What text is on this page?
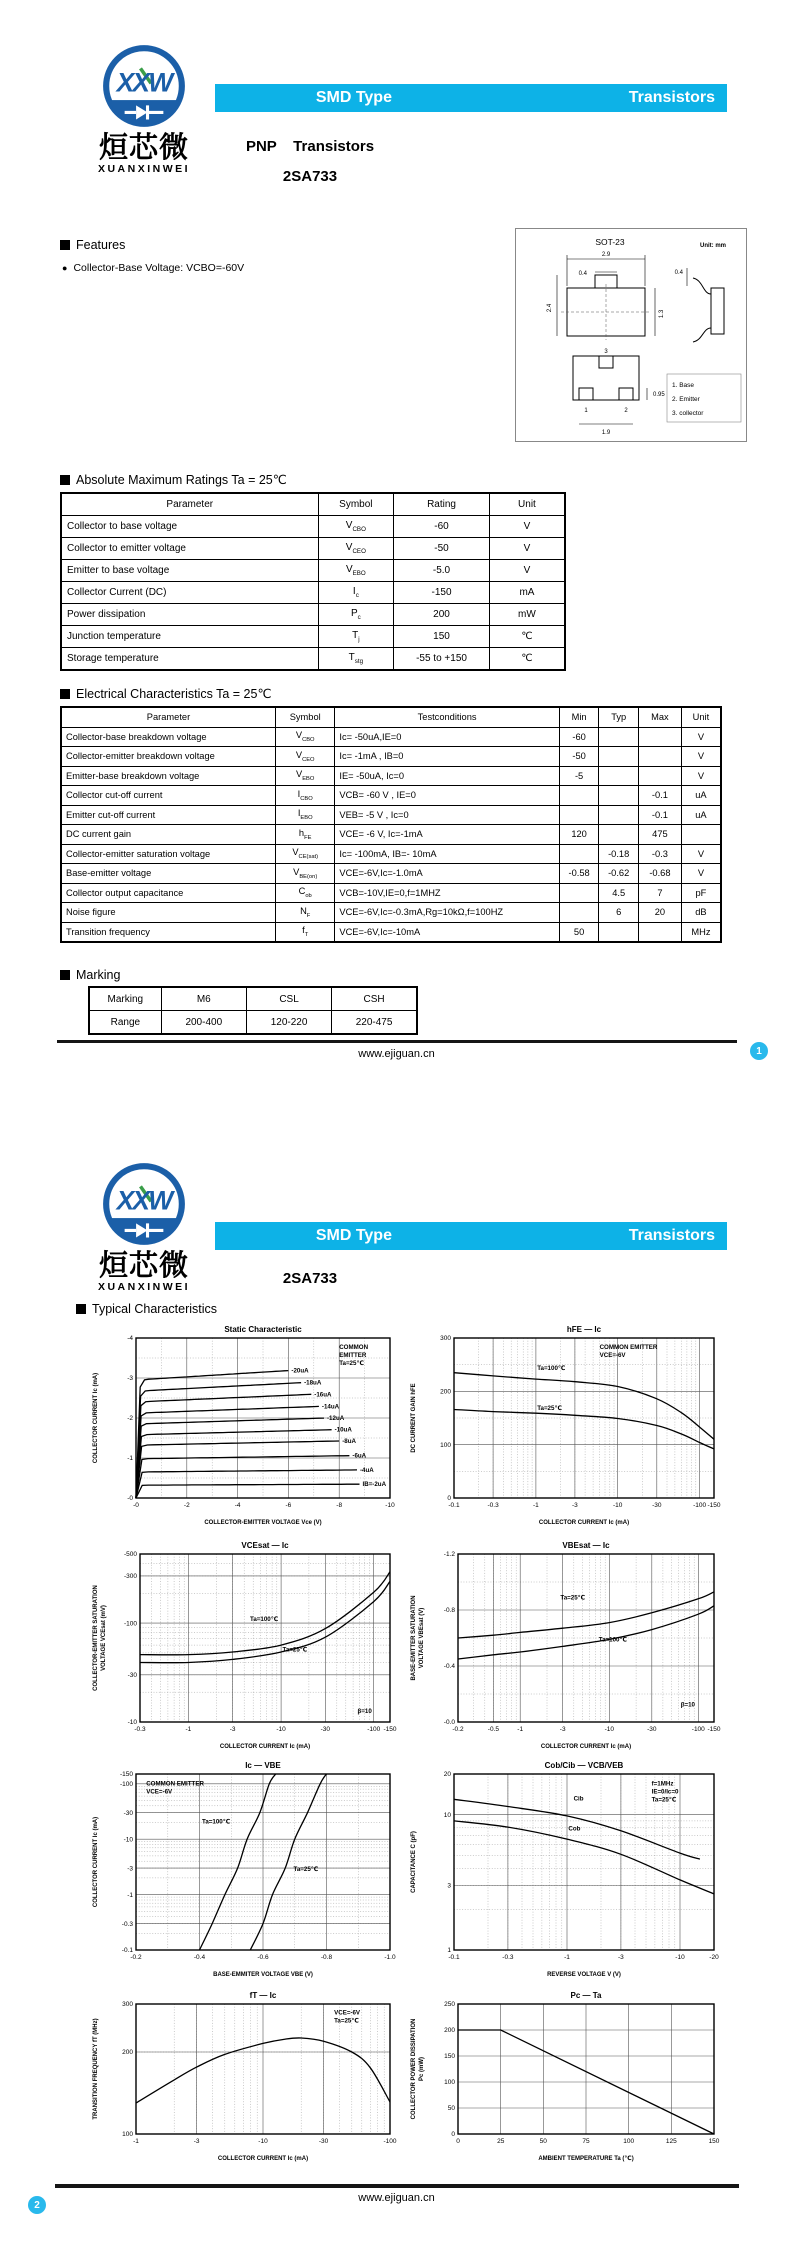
XXW
烜芯微
XUANXINWEI
SMD Type	Transistors
PNP    Transistors
2SA733
Features
● Collector-Base Voltage: VCBO=-60V
SOT-23	Unit: mm
2.9
0.4
1.3
2.4
0.4
1	2
3
1.9
0.95
1. Base
2. Emitter
3. collector
Absolute Maximum Ratings Ta = 25℃
Parameter	Symbol	Rating	Unit
Collector to base voltage	$V_{CBO}$	-60	V
Collector to emitter voltage	$V_{CEO}$	-50	V
Emitter to base voltage	$V_{EBO}$	-5.0	V
Collector Current (DC)	$I_c$	-150	mA
Power dissipation	$P_c$	200	mW
Junction temperature	$T_j$	150	℃
Storage temperature	$T_{stg}$	-55 to +150	℃
Electrical Characteristics Ta = 25℃
Parameter	Symbol	Testconditions	Min	Typ	Max	Unit
Collector-base breakdown voltage	$V_{CBO}$	Ic= -50uA,IE=0	-60			V
Collector-emitter breakdown voltage	$V_{CEO}$	Ic= -1mA , IB=0	-50			V
Emitter-base breakdown voltage	$V_{EBO}$	IE= -50uA, Ic=0	-5			V
Collector cut-off current	$I_{CBO}$	VCB= -60 V , IE=0			-0.1	uA
Emitter cut-off current	$I_{EBO}$	VEB= -5 V , Ic=0			-0.1	uA
DC current gain	$h_{FE}$	VCE= -6 V, Ic=-1mA	120		475	
Collector-emitter saturation voltage	$V_{CE(sat)}$	Ic= -100mA, IB=- 10mA		-0.18	-0.3	V
Base-emitter voltage	$V_{BE(on)}$	VCE=-6V,Ic=-1.0mA	-0.58	-0.62	-0.68	V
Collector output capacitance	$C_{ob}$	VCB=-10V,IE=0,f=1MHZ		4.5	7	pF
Noise figure	$N_F$	VCE=-6V,Ic=-0.3mA,Rg=10kΩ,f=100HZ		6	20	dB
Transition frequency	$f_T$	VCE=-6V,Ic=-10mA	50			MHz
Marking
Marking	M6	CSL	CSH
Range	200-400	120-220	220-475
www.ejiguan.cn	1
XXW
烜芯微
XUANXINWEI
SMD Type	Transistors
2SA733
Typical Characteristics
-0	-2	-4	-6	-8	-10
-0
-1
-2
-3
-4
Static Characteristic
COLLECTOR-EMITTER VOLTAGE Vce (V)
COLLECTOR CURRENT Ic (mA)
COMMON
EMITTER
Ta=25℃
-20uA
-18uA
-16uA
-14uA
-12uA
-10uA
-8uA
-6uA
-4uA
IB=-2uA
-0.1	-0.3	-1	-3	-10	-30	-100 -150
0
100
200
300
hFE — Ic
COLLECTOR CURRENT Ic (mA)
DC CURRENT GAIN hFE
COMMON EMITTER
VCE=-6V
Ta=100℃
Ta=25℃
-0.3	-1	-3	-10	-30	-100 -150
-10
-30
-100
-300
-500
VCEsat — Ic
COLLECTOR CURRENT Ic (mA)
COLLECTOR-EMITTER SATURATION VOLTAGE VCEsat (mV)
β=10
Ta=100℃
Ta=25℃
-0.2	-0.5	-1	-3	-10	-30	-100 -150
-0.0
-0.4
-0.8
-1.2
VBEsat — Ic
COLLECTOR CURRENT Ic (mA)
BASE-EMITTER SATURATION VOLTAGE VBEsat (V)
β=10
Ta=25℃
Ta=100℃
-0.2	-0.4	-0.6	-0.8	-1.0
-0.1
-0.3
-1
-3
-10
-30
-100
-150
Ic — VBE
BASE-EMMITER VOLTAGE VBE (V)
COLLECTOR CURRENT Ic (mA)
COMMON EMITTER
VCE=-6V
Ta=100℃
Ta=25℃
-0.1	-0.3	-1	-3	-10	-20
1
3
10
20
Cob/Cib — VCB/VEB
REVERSE VOLTAGE V (V)
CAPACITANCE C (pF)
f=1MHz
IE=0/Ic=0
Ta=25℃
Cib
Cob
-1	-3	-10	-30	-100
100
200
300
fT — Ic
COLLECTOR CURRENT Ic (mA)
TRANSITION FREQUENCY fT (MHz)
VCE=-6V
Ta=25℃
0	25	50	75	100	125	150
0
50
100
150
200
250
Pc — Ta
AMBIENT TEMPERATURE Ta (℃)
COLLECTOR POWER DISSIPATION Pc (mW)
www.ejiguan.cn
2
